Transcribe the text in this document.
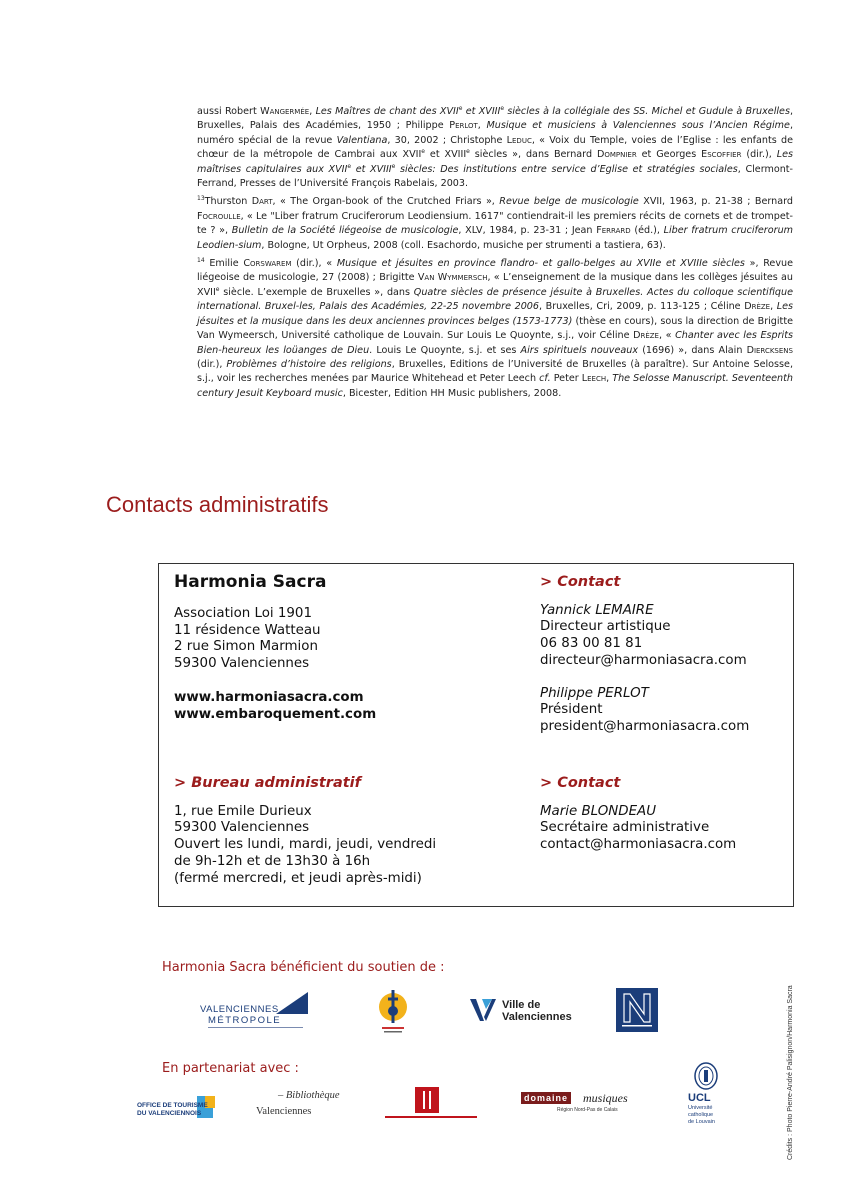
aussi Robert Wangermée, Les Maîtres de chant des XVIIe et XVIIIe siècles à la collégiale des SS. Michel et Gudule à Bruxelles, Bruxelles, Palais des Académies, 1950 ; Philippe Perlot, Musique et musiciens à Valenciennes sous l’Ancien Régime, numéro spécial de la revue Valentiana, 30, 2002 ; Christophe Leduc, « Voix du Temple, voies de l’Eglise : les enfants de chœur de la métropole de Cambrai aux XVIIe et XVIIIe siècles », dans Bernard Dompnier et Georges Escoffier (dir.), Les maîtrises capitulaires aux XVIIe et XVIIIe siècles: Des institutions entre service d’Eglise et stratégies sociales, Clermont-Ferrand, Presses de l’Université François Rabelais, 2003.

$^{13}$Thurston Dart, « The Organ-book of the Crutched Friars », Revue belge de musicologie XVII, 1963, p. 21-38 ; Bernard Focroulle, « Le "Liber fratrum Cruciferorum Leodiensium. 1617" contiendrait-il les premiers récits de cornets et de trompet-te ? », Bulletin de la Société liégeoise de musicologie, XLV, 1984, p. 23-31 ; Jean Ferrard (éd.), Liber fratrum cruciferorum Leodien-sium, Bologne, Ut Orpheus, 2008 (coll. Esachordo, musiche per strumenti a tastiera, 63).

$^{14}$ Emilie Corswarem (dir.), « Musique et jésuites en province flandro- et gallo-belges au XVIIe et XVIIIe siècles », Revue liégeoise de musicologie, 27 (2008) ; Brigitte Van Wymmersch, « L’enseignement de la musique dans les collèges jésuites au XVIIe siècle. L’exemple de Bruxelles », dans Quatre siècles de présence jésuite à Bruxelles. Actes du colloque scientifique international. Bruxel-les, Palais des Académies, 22-25 novembre 2006, Bruxelles, Cri, 2009, p. 113-125 ; Céline Drèze, Les jésuites et la musique dans les deux anciennes provinces belges (1573-1773) (thèse en cours), sous la direction de Brigitte Van Wymeersch, Université catholique de Louvain. Sur Louis Le Quoynte, s.j., voir Céline Drèze, « Chanter avec les Esprits Bien-heureux les loüanges de Dieu. Louis Le Quoynte, s.j. et ses Airs spirituels nouveaux (1696) », dans Alain Diercksens (dir.), Problèmes d’histoire des religions, Bruxelles, Editions de l’Université de Bruxelles (à paraître). Sur Antoine Selosse, s.j., voir les recherches menées par Maurice Whitehead et Peter Leech cf. Peter Leech, The Selosse Manuscript. Seventeenth century Jesuit Keyboard music, Bicester, Edition HH Music publishers, 2008.

Contacts administratifs

Harmonia Sacra

Association Loi 1901
11 résidence Watteau
2 rue Simon Marmion
59300 Valenciennes
www.harmoniasacra.com
www.embaroquement.com

> Contact

Yannick LEMAIRE
Directeur artistique
06 83 00 81 81
directeur@harmoniasacra.com
Philippe PERLOT
Président
president@harmoniasacra.com

> Bureau administratif

1, rue Emile Durieux
59300 Valenciennes
Ouvert les lundi, mardi, jeudi, vendredi
de 9h-12h et de 13h30 à 16h
(fermé mercredi, et jeudi après-midi)

> Contact

Marie BLONDEAU
Secrétaire administrative
contact@harmoniasacra.com

Harmonia Sacra bénéficient du soutien de :

VALENCIENNES
MÉTROPOLE
Ville de
Valenciennes

En partenariat avec :

OFFICE DE TOURISME
DU VALENCIENNOIS
– Bibliothèque
Valenciennes
domaine musiques
Région Nord-Pas de Calais
UCL
Université
catholique
de Louvain	Crédits : Photo Pierre-André Palisignon/Harmonia Sacra
